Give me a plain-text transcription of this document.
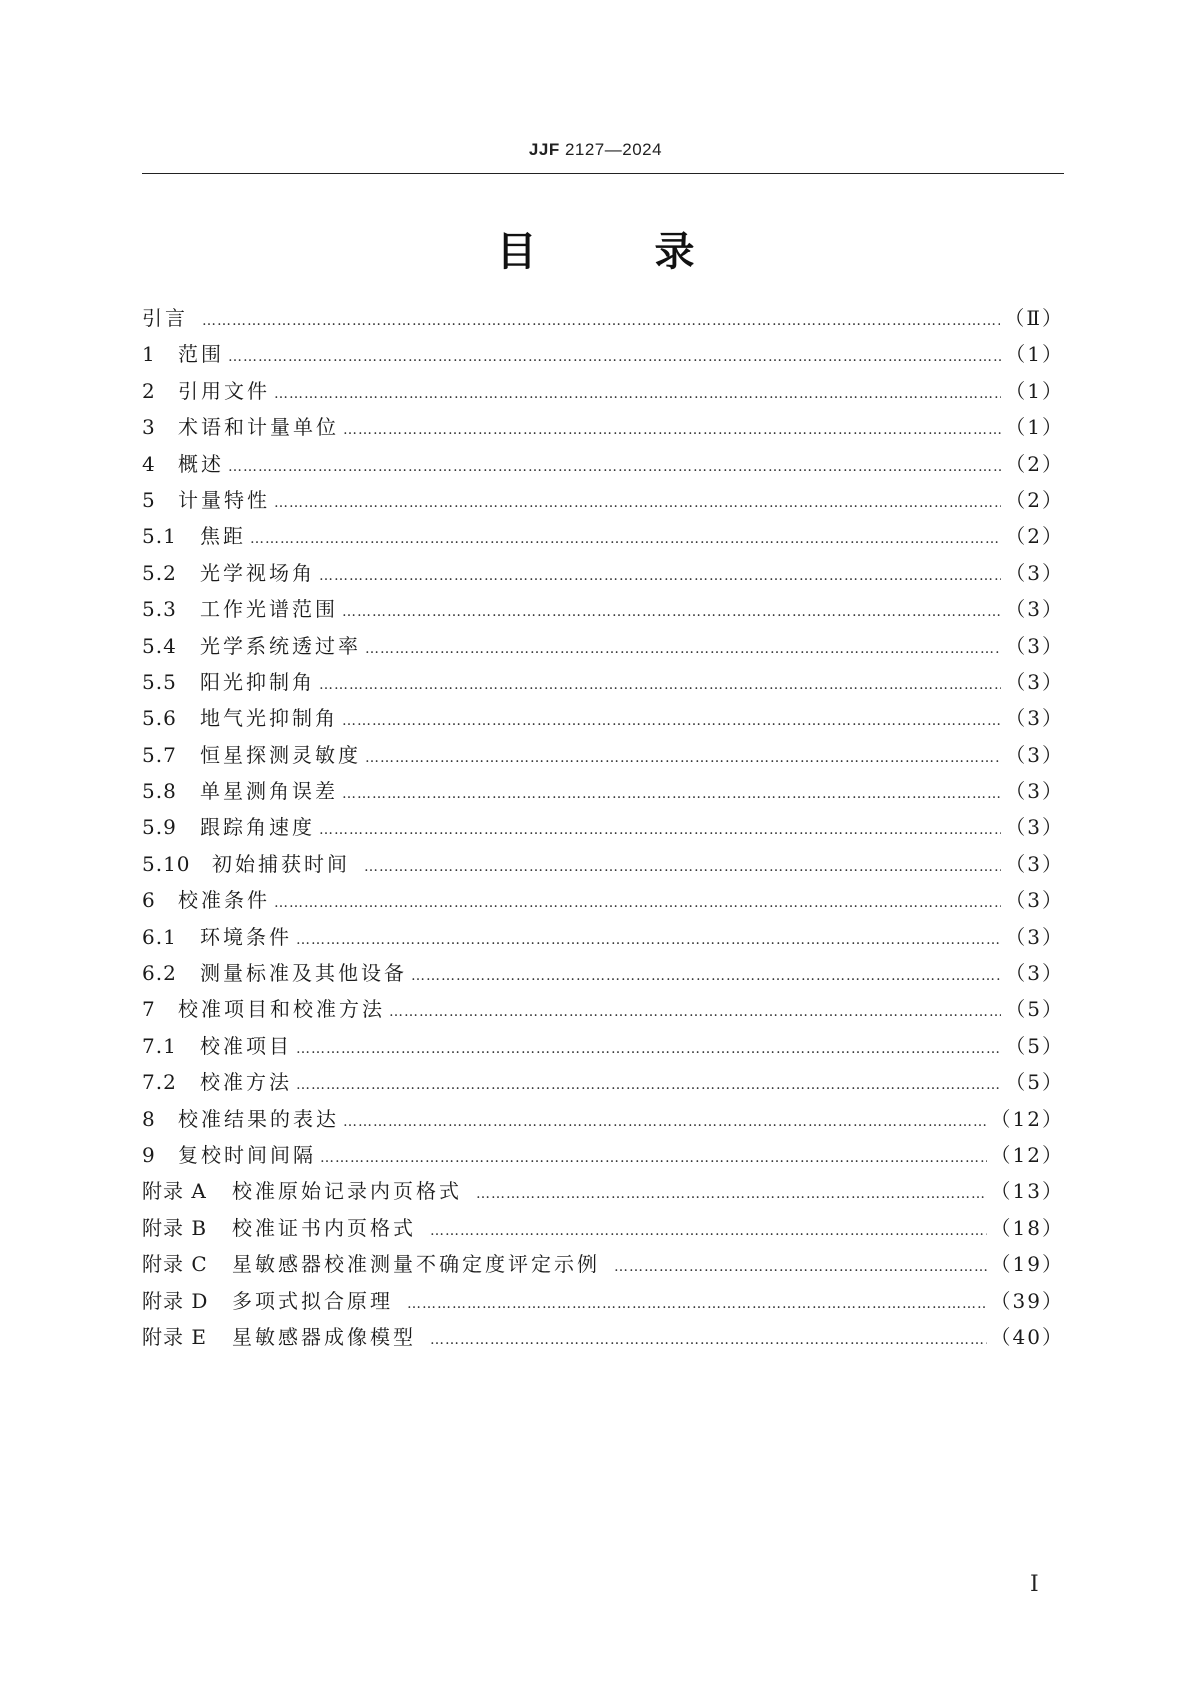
JJF 2127—2024
目	录
引言 …………………………………………………………………………………………………………………………………………………………………………………………	（Ⅱ）
1	范围 …………………………………………………………………………………………………………………………………………………………………………………………	（1）
2	引用文件 …………………………………………………………………………………………………………………………………………………………………………………………	（1）
3	术语和计量单位 …………………………………………………………………………………………………………………………………………………………………………………………	（1）
4	概述 …………………………………………………………………………………………………………………………………………………………………………………………	（2）
5	计量特性 …………………………………………………………………………………………………………………………………………………………………………………………	（2）
5.1	焦距 …………………………………………………………………………………………………………………………………………………………………………………………	（2）
5.2	光学视场角 …………………………………………………………………………………………………………………………………………………………………………………………	（3）
5.3	工作光谱范围 …………………………………………………………………………………………………………………………………………………………………………………………	（3）
5.4	光学系统透过率 …………………………………………………………………………………………………………………………………………………………………………………………	（3）
5.5	阳光抑制角 …………………………………………………………………………………………………………………………………………………………………………………………	（3）
5.6	地气光抑制角 …………………………………………………………………………………………………………………………………………………………………………………………	（3）
5.7	恒星探测灵敏度 …………………………………………………………………………………………………………………………………………………………………………………………	（3）
5.8	单星测角误差 …………………………………………………………………………………………………………………………………………………………………………………………	（3）
5.9	跟踪角速度 …………………………………………………………………………………………………………………………………………………………………………………………	（3）
5.10	初始捕获时间 …………………………………………………………………………………………………………………………………………………………………………………………	（3）
6	校准条件 …………………………………………………………………………………………………………………………………………………………………………………………	（3）
6.1	环境条件 …………………………………………………………………………………………………………………………………………………………………………………………	（3）
6.2	测量标准及其他设备 …………………………………………………………………………………………………………………………………………………………………………………………	（3）
7	校准项目和校准方法 …………………………………………………………………………………………………………………………………………………………………………………………	（5）
7.1	校准项目 …………………………………………………………………………………………………………………………………………………………………………………………	（5）
7.2	校准方法 …………………………………………………………………………………………………………………………………………………………………………………………	（5）
8	校准结果的表达 …………………………………………………………………………………………………………………………………………………………………………………………	（12）
9	复校时间间隔 …………………………………………………………………………………………………………………………………………………………………………………………	（12）
附录 A	校准原始记录内页格式 …………………………………………………………………………………………………………………………………………………………………………………………	（13）
附录 B	校准证书内页格式 …………………………………………………………………………………………………………………………………………………………………………………………	（18）
附录 C	星敏感器校准测量不确定度评定示例 …………………………………………………………………………………………………………………………………………………………………………………………	（19）
附录 D	多项式拟合原理 …………………………………………………………………………………………………………………………………………………………………………………………	（39）
附录 E	星敏感器成像模型 …………………………………………………………………………………………………………………………………………………………………………………………	（40）
Ⅰ
